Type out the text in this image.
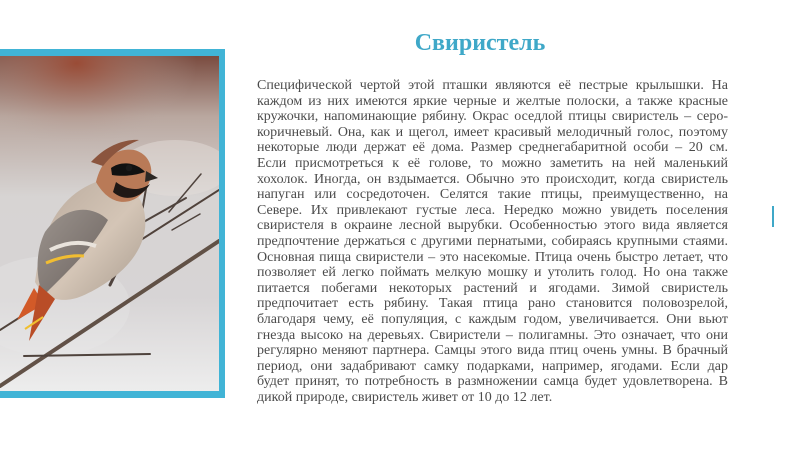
Свиристель

Специфической чертой этой пташки являются её пестрые крылышки. На каждом из них имеются яркие черные и желтые полоски, а также красные кружочки, напоминающие рябину. Окрас оседлой птицы свиристель – серо-коричневый. Она, как и щегол, имеет красивый мелодичный голос, поэтому некоторые люди держат её дома. Размер среднегабаритной особи – 20 см. Если присмотреться к её голове, то можно заметить на ней маленький хохолок. Иногда, он вздымается. Обычно это происходит, когда свиристель напуган или сосредоточен. Селятся такие птицы, преимущественно, на Севере. Их привлекают густые леса. Нередко можно увидеть поселения свиристеля в окраине лесной вырубки. Особенностью этого вида является предпочтение держаться с другими пернатыми, собираясь крупными стаями. Основная пища свиристели – это насекомые. Птица очень быстро летает, что позволяет ей легко поймать мелкую мошку и утолить голод. Но она также питается побегами некоторых растений и ягодами. Зимой свиристель предпочитает есть рябину. Такая птица рано становится половозрелой, благодаря чему, её популяция, с каждым годом, увеличивается. Они вьют гнезда высоко на деревьях. Свиристели – полигамны. Это означает, что они регулярно меняют партнера. Самцы этого вида птиц очень умны. В брачный период, они задабривают самку подарками, например, ягодами. Если дар будет принят, то потребность в размножении самца будет удовлетворена. В дикой природе, свиристель живет от 10 до 12 лет.
